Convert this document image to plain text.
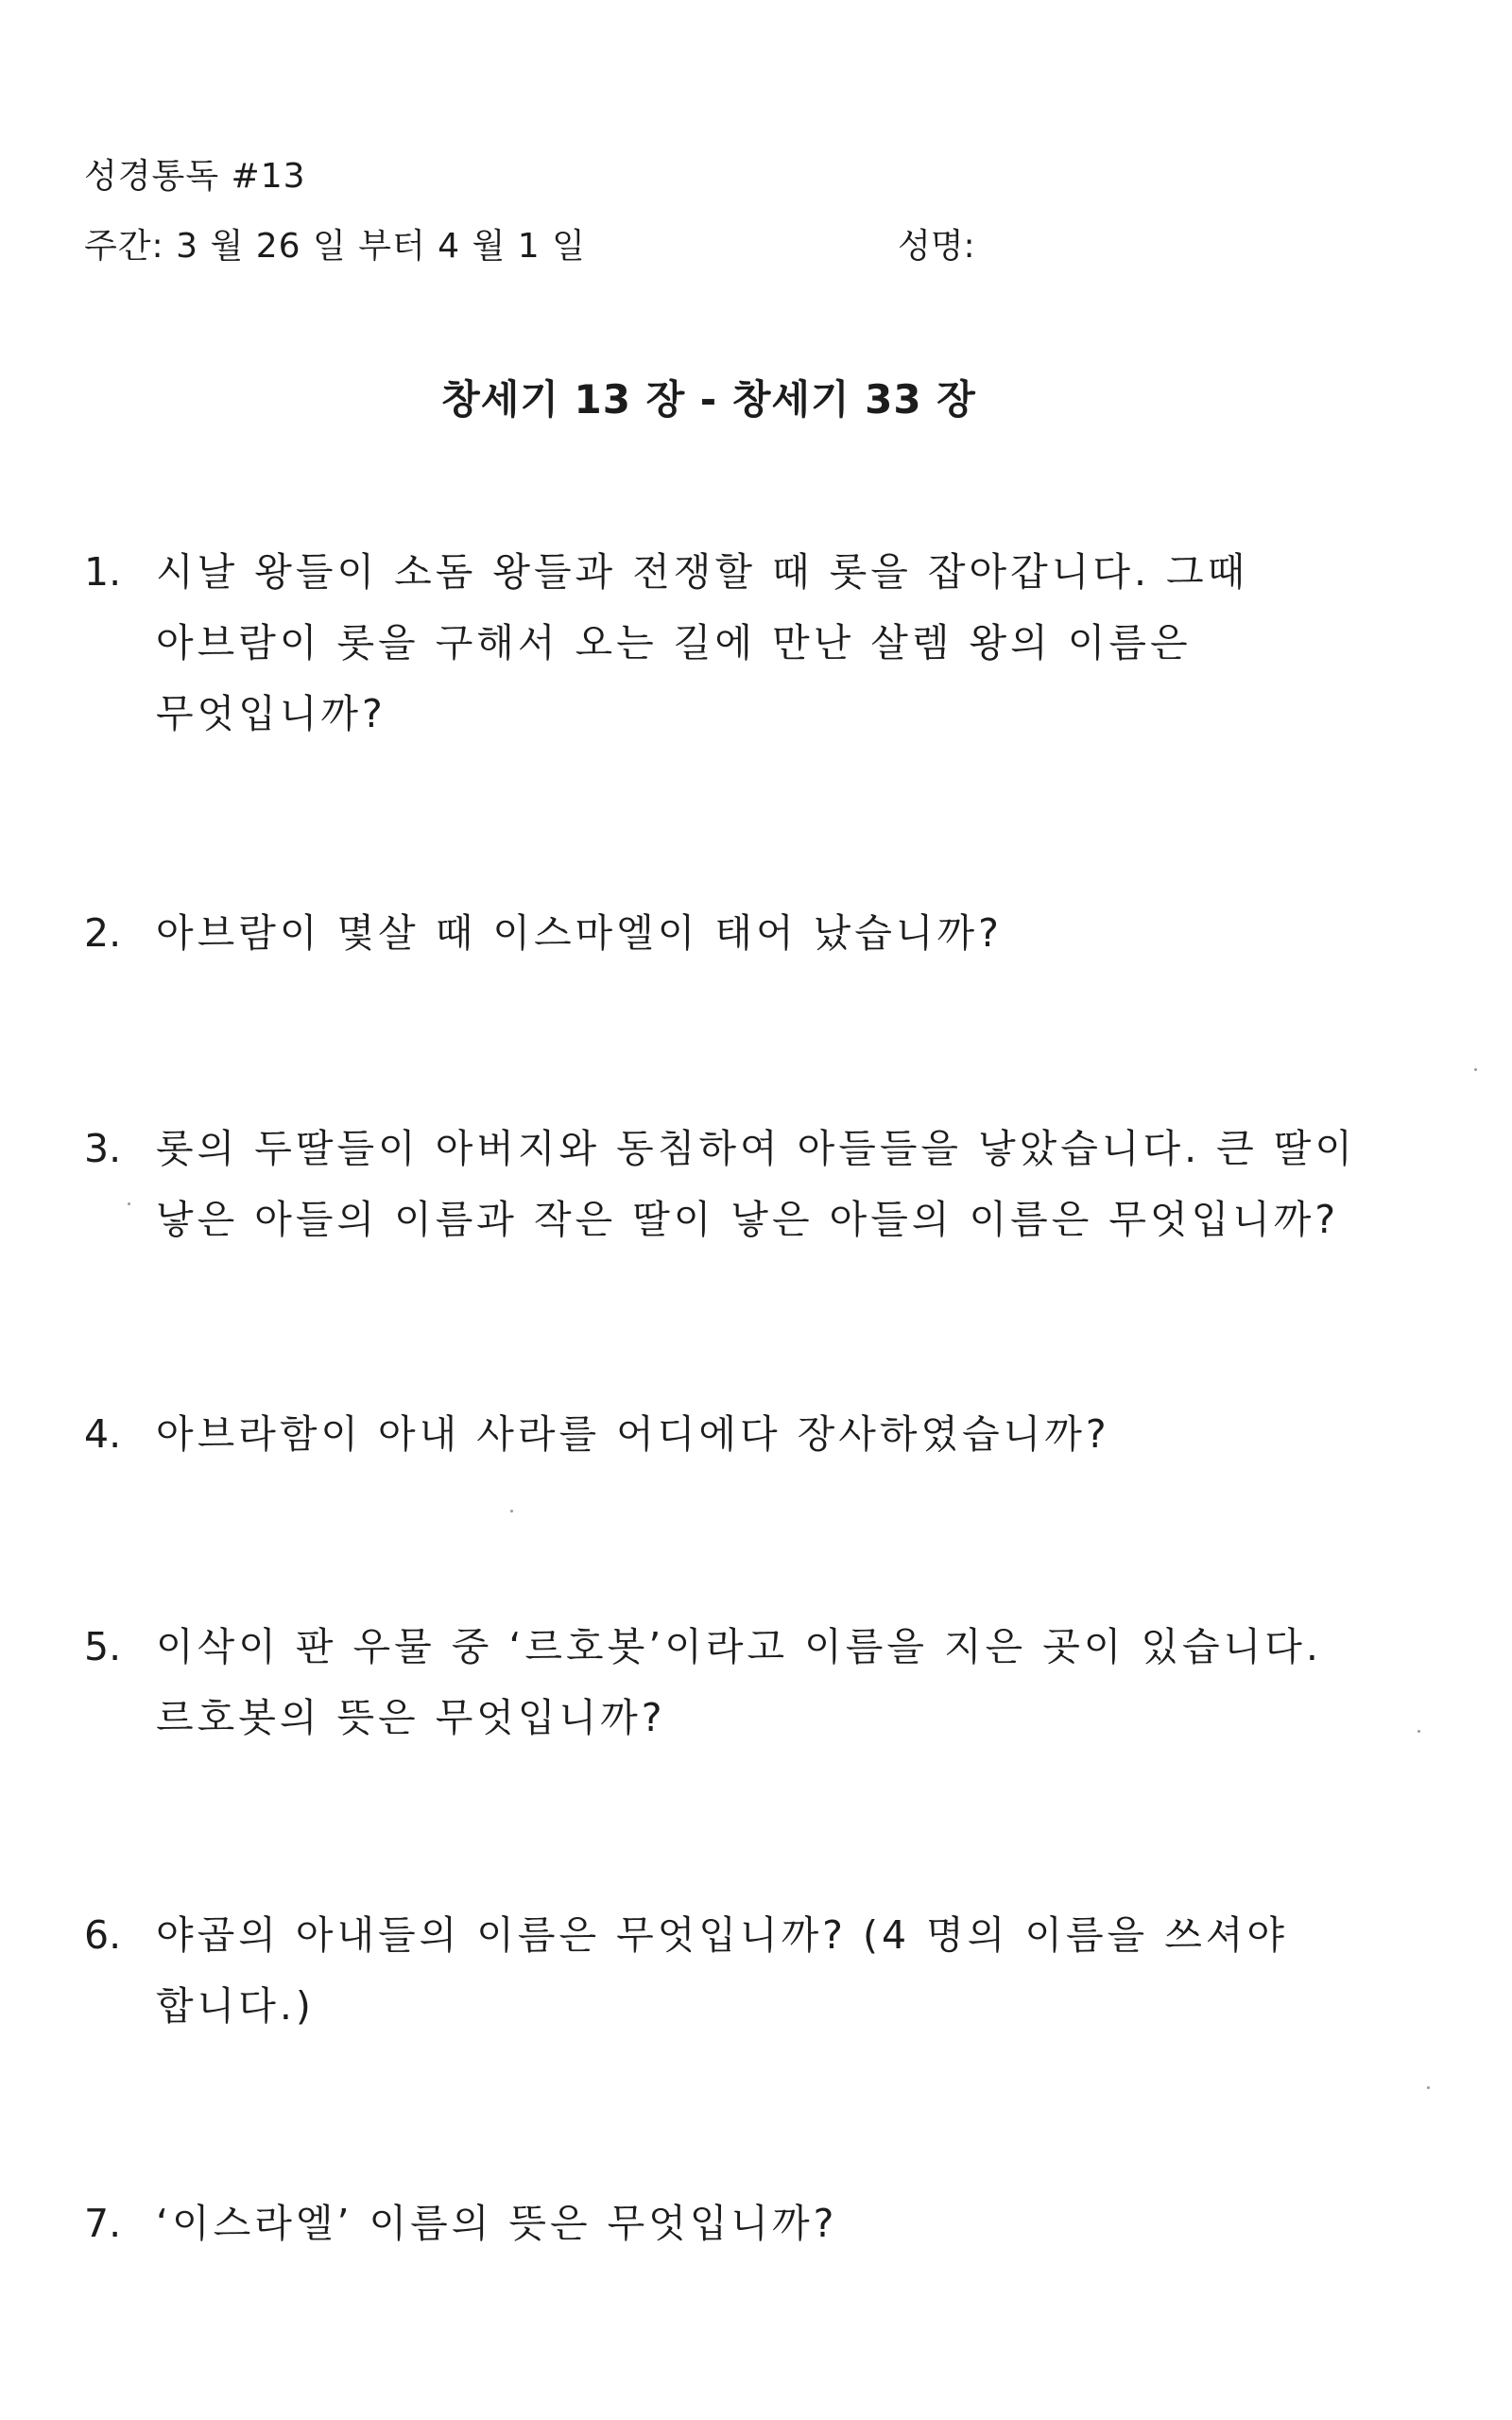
성경통독 #13
주간: 3 월 26 일 부터 4 월 1 일	성명:
창세기 13 장 - 창세기 33 장
1. 시날 왕들이 소돔 왕들과 전쟁할 때 롯을 잡아갑니다. 그때
아브람이 롯을 구해서 오는 길에 만난 살렘 왕의 이름은
무엇입니까?
2. 아브람이 몇살 때 이스마엘이 태어 났습니까?
3. 롯의 두딸들이 아버지와 동침하여 아들들을 낳았습니다. 큰 딸이
낳은 아들의 이름과 작은 딸이 낳은 아들의 이름은 무엇입니까?
4. 아브라함이 아내 사라를 어디에다 장사하였습니까?
5. 이삭이 판 우물 중 ‘르호봇’이라고 이름을 지은 곳이 있습니다.
르호봇의 뜻은 무엇입니까?
6. 야곱의 아내들의 이름은 무엇입니까? (4 명의 이름을 쓰셔야
합니다.)
7. ‘이스라엘’ 이름의 뜻은 무엇입니까?
